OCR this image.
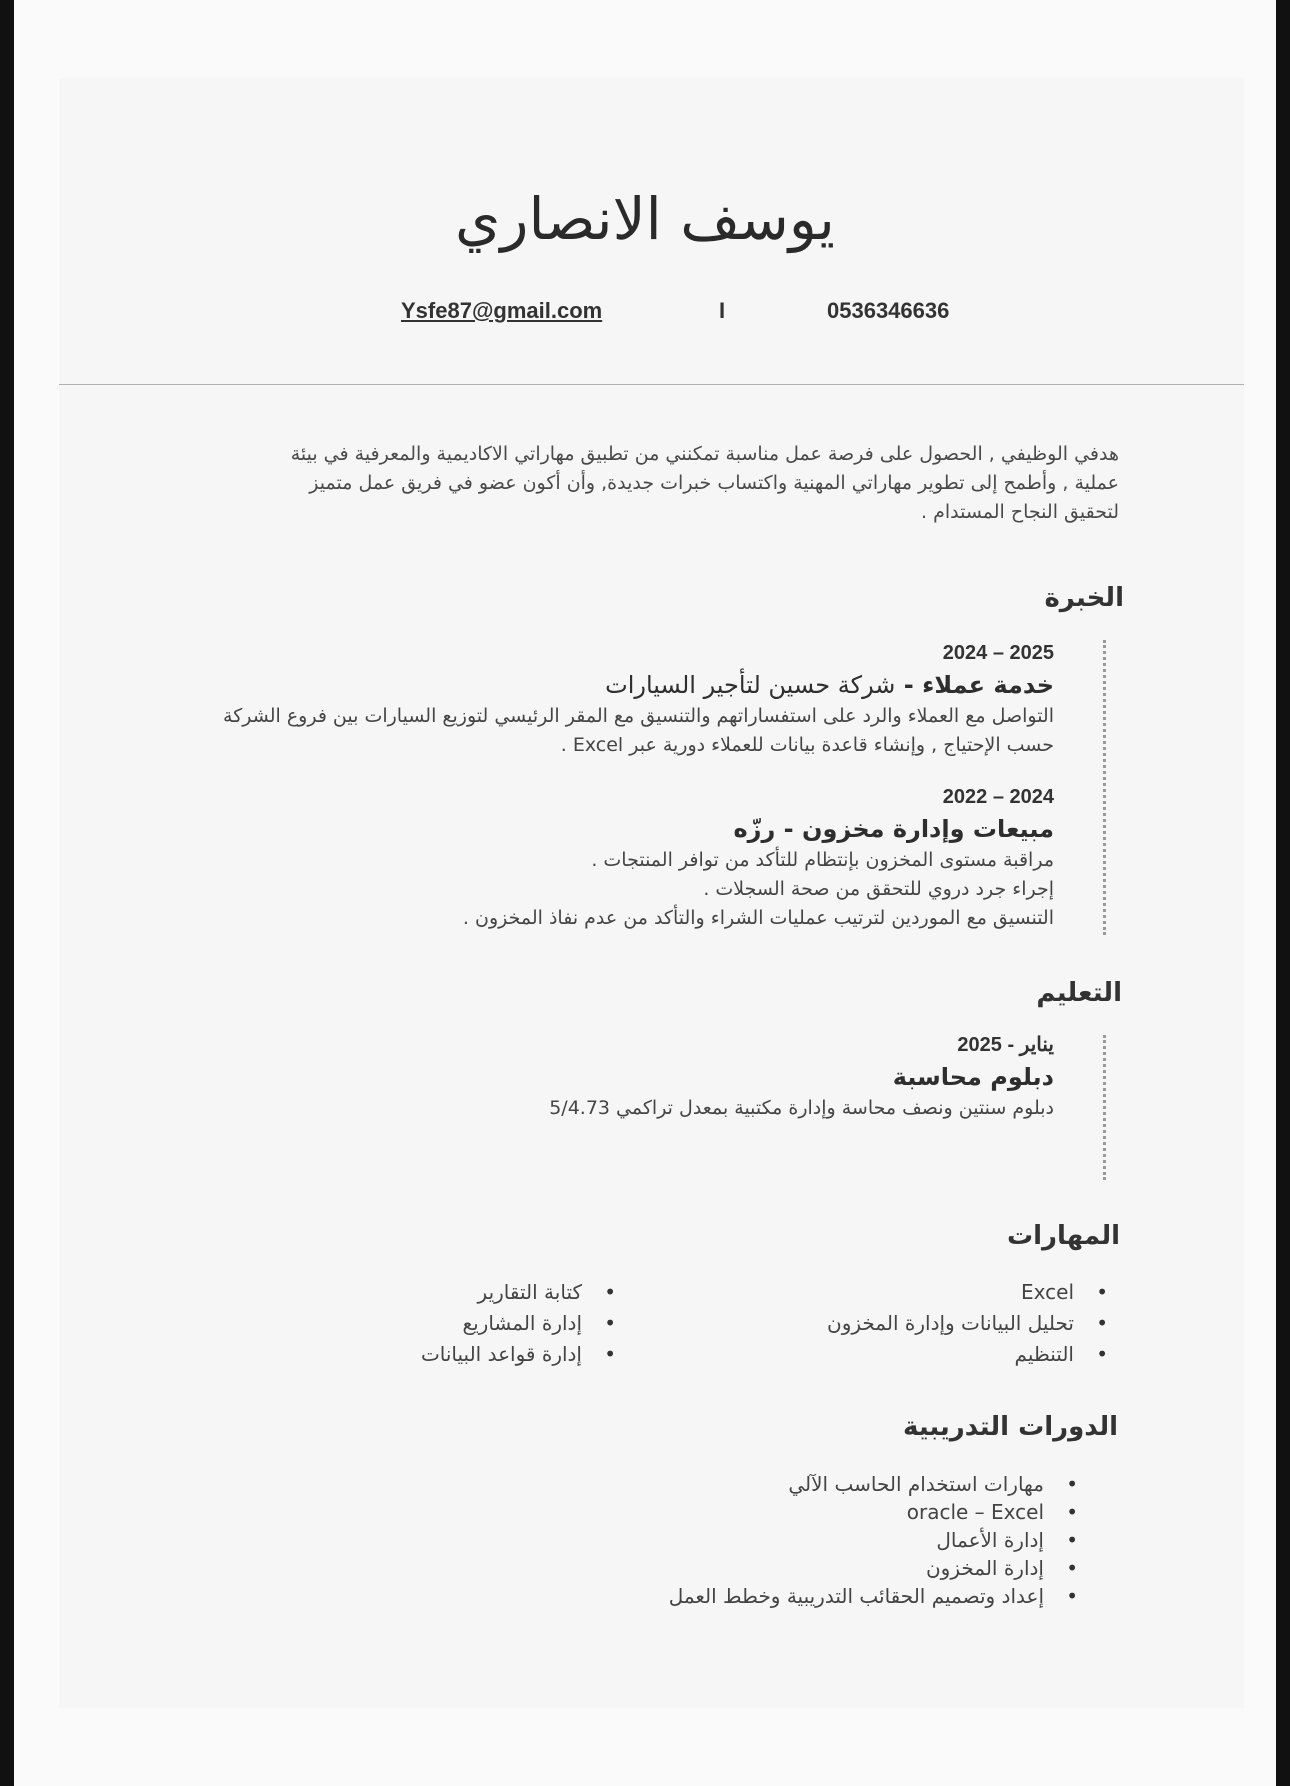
يوسف الانصاري
Ysfe87@gmail.com	I	0536346636
هدفي الوظيفي , الحصول على فرصة عمل مناسبة تمكنني من تطبيق مهاراتي الاكاديمية والمعرفية في بيئة عملية , وأطمح إلى تطوير مهاراتي المهنية واكتساب خبرات جديدة, وأن أكون عضو في فريق عمل متميز لتحقيق النجاح المستدام .
الخبرة
2024 – 2025
خدمة عملاء - شركة حسين لتأجير السيارات
التواصل مع العملاء والرد على استفساراتهم والتنسيق مع المقر الرئيسي لتوزيع السيارات بين فروع الشركة حسب الإحتياج , وإنشاء قاعدة بيانات للعملاء دورية عبر Excel .
2022 – 2024
مبيعات وإدارة مخزون - رزّه
مراقبة مستوى المخزون بإنتظام للتأكد من توافر المنتجات .
إجراء جرد دروي للتحقق من صحة السجلات .
التنسيق مع الموردين لترتيب عمليات الشراء والتأكد من عدم نفاذ المخزون .
التعليم
يناير - 2025
دبلوم محاسبة
دبلوم سنتين ونصف محاسة وإدارة مكتبية بمعدل تراكمي 5/4.73
المهارات
• Excel
• تحليل البيانات وإدارة المخزون
• التنظيم
• كتابة التقارير
• إدارة المشاريع
• إدارة قواعد البيانات
الدورات التدريبية
• مهارات استخدام الحاسب الآلي
• oracle – Excel
• إدارة الأعمال
• إدارة المخزون
• إعداد وتصميم الحقائب التدريبية وخطط العمل
